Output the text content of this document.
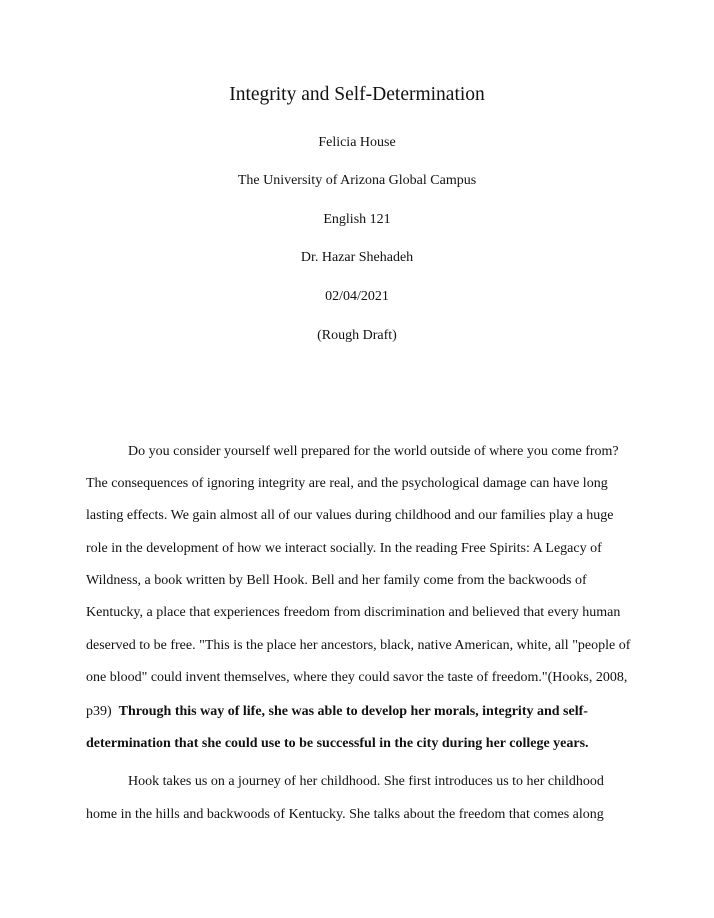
Integrity and Self-Determination

Felicia House

The University of Arizona Global Campus

English 121

Dr. Hazar Shehadeh

02/04/2021

(Rough Draft)

Do you consider yourself well prepared for the world outside of where you come from?

The consequences of ignoring integrity are real, and the psychological damage can have long

lasting effects. We gain almost all of our values during childhood and our families play a huge

role in the development of how we interact socially. In the reading Free Spirits: A Legacy of

Wildness, a book written by Bell Hook. Bell and her family come from the backwoods of

Kentucky, a place that experiences freedom from discrimination and believed that every human

deserved to be free. "This is the place her ancestors, black, native American, white, all "people of

one blood" could invent themselves, where they could savor the taste of freedom."(Hooks, 2008,

p39)  Through this way of life, she was able to develop her morals, integrity and self-

determination that she could use to be successful in the city during her college years.

Hook takes us on a journey of her childhood. She first introduces us to her childhood

home in the hills and backwoods of Kentucky. She talks about the freedom that comes along
